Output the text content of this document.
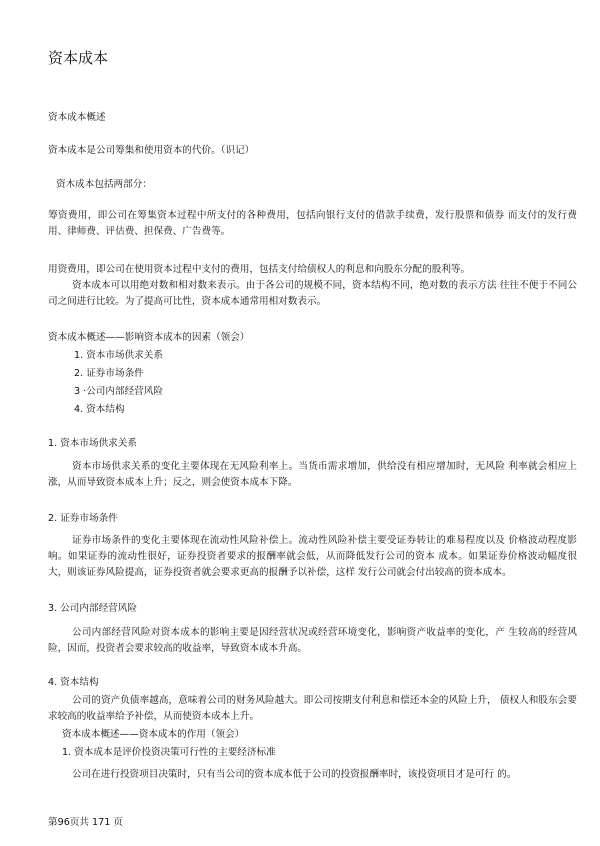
资本成本
资本成本概述
资本成本是公司筹集和使用资本的代价。（识记）
资木成本包括两部分：
筹资费用，即公司在筹集资本过程中所支付的各种费用，包括向银行支付的借款手续费，发行股票和债券 而支付的发行费用、律师费、评估费、担保费、广告费等。
用资费用，即公司在使用资本过程中支付的费用，包括支付给债权人的利息和向股东分配的股利等。
资本成本可以用绝对数和相对数来表示。由于各公司的规模不同，资本结构不同，绝对数的表示方法 往往不便于不同公司之间进行比较。为了提高可比性，资本成本通常用相对数表示。
资本成本概述——影响资本成本的因素（领会）
1. 资本市场供求关系
2. 证券市场条件
3 ·公司内部经营风险
4. 资本结构
1. 资本市场供求关系
资本市场供求关系的变化主要体现在无风险利率上。当货币需求增加，供给没有相应增加时，无风险 利率就会相应上涨，从而导致资本成本上升；反之，则会使资本成本下降。
2. 证券市场条件
证券市场条件的变化主要体现在流动性风险补偿上。流动性风险补偿主要受证券转让的难易程度以及 价格波动程度影响。如果证券的流动性很好，证券投资者要求的报酬率就会低，从而降低发行公司的资本 成本。如果证券价格波动幅度很大，则该证券风险提高，证券投资者就会要求更高的报酬予以补偿，这样 发行公司就会付出较高的资本成本。
3. 公司内部经营风险
公司内部经营风险对资本成本的影响主要是因经营状况或经营环境变化，影响资产收益率的变化，产 生较高的经营风险，因而，投资者会要求较高的收益率，导致资本成本升高。
4. 资本结构
公司的资产负债率越高，意味着公司的财务风险越大。即公司按期支付利息和偿还本金的风险上升， 债权人和股东会要求较高的收益率给予补偿，从而使资本成本上升。
资本成本概述——资本成本的作用（领会）
1. 资本成本是评价投资决策可行性的主要经济标准
公司在进行投资项目决策时，只有当公司的资本成本低于公司的投资报酬率时，该投资项目才是可行 的。
第96页共 171 页
